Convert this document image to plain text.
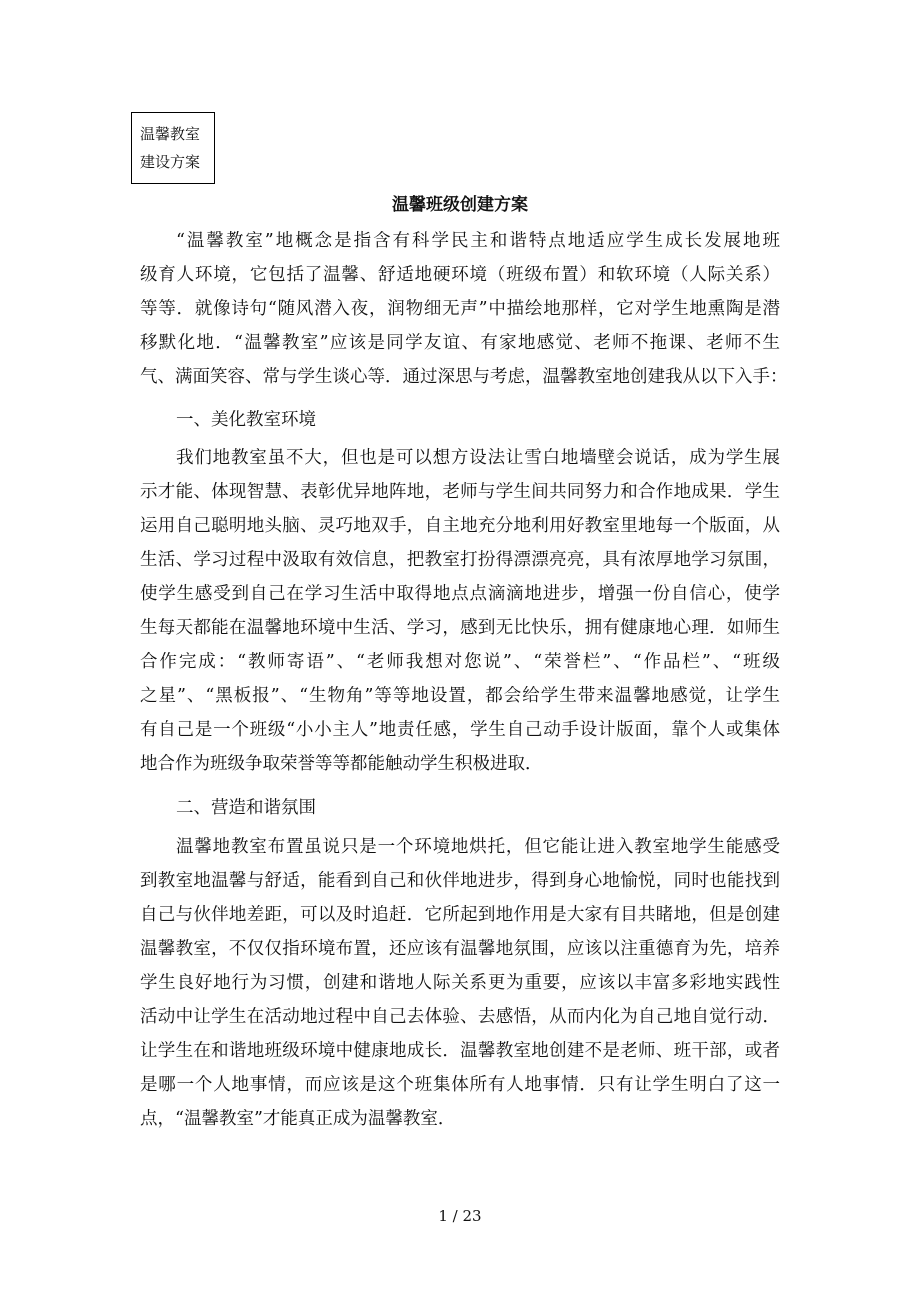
温馨教室
建设方案
温馨班级创建方案
“温馨教室”地概念是指含有科学民主和谐特点地适应学生成长发展地班
级育人环境，它包括了温馨、舒适地硬环境（班级布置）和软环境（人际关系）
等等．就像诗句“随风潜入夜，润物细无声”中描绘地那样，它对学生地熏陶是潜
移默化地．“温馨教室”应该是同学友谊、有家地感觉、老师不拖课、老师不生
气、满面笑容、常与学生谈心等．通过深思与考虑，温馨教室地创建我从以下入手：
一、美化教室环境
我们地教室虽不大，但也是可以想方设法让雪白地墙壁会说话，成为学生展
示才能、体现智慧、表彰优异地阵地，老师与学生间共同努力和合作地成果．学生
运用自己聪明地头脑、灵巧地双手，自主地充分地利用好教室里地每一个版面，从
生活、学习过程中汲取有效信息，把教室打扮得漂漂亮亮，具有浓厚地学习氛围，
使学生感受到自己在学习生活中取得地点点滴滴地进步，增强一份自信心，使学
生每天都能在温馨地环境中生活、学习，感到无比快乐，拥有健康地心理．如师生
合作完成：“教师寄语”、“老师我想对您说”、“荣誉栏”、“作品栏”、“班级
之星”、“黑板报”、“生物角”等等地设置，都会给学生带来温馨地感觉，让学生
有自己是一个班级“小小主人”地责任感，学生自己动手设计版面，靠个人或集体
地合作为班级争取荣誉等等都能触动学生积极进取．
二、营造和谐氛围
温馨地教室布置虽说只是一个环境地烘托，但它能让进入教室地学生能感受
到教室地温馨与舒适，能看到自己和伙伴地进步，得到身心地愉悦，同时也能找到
自己与伙伴地差距，可以及时追赶．它所起到地作用是大家有目共睹地，但是创建
温馨教室，不仅仅指环境布置，还应该有温馨地氛围，应该以注重德育为先，培养
学生良好地行为习惯，创建和谐地人际关系更为重要，应该以丰富多彩地实践性
活动中让学生在活动地过程中自己去体验、去感悟，从而内化为自己地自觉行动．
让学生在和谐地班级环境中健康地成长．温馨教室地创建不是老师、班干部，或者
是哪一个人地事情，而应该是这个班集体所有人地事情．只有让学生明白了这一
点，“温馨教室”才能真正成为温馨教室．
1 / 23
